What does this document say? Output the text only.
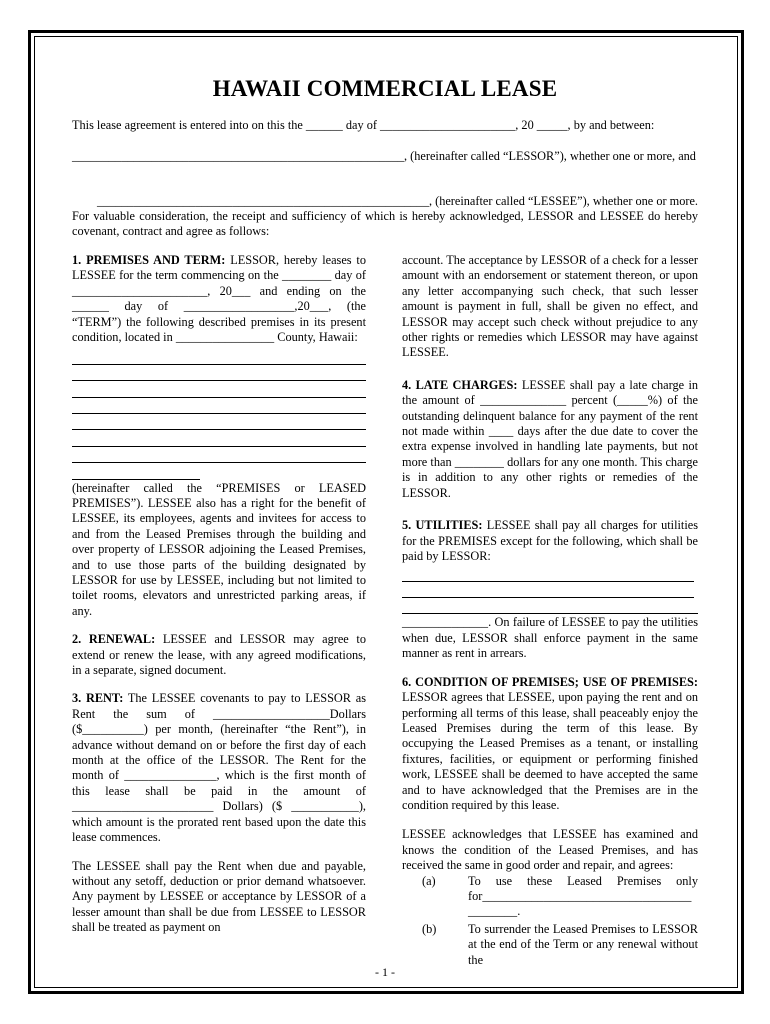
HAWAII COMMERCIAL LEASE

This lease agreement is entered into on this the ______ day of ______________________, 20 _____, by and between:

______________________________________________________, (hereinafter called “LESSOR”), whether one or more, and

______________________________________________________, (hereinafter called “LESSEE”), whether one or more.

For valuable consideration, the receipt and sufficiency of which is hereby acknowledged, LESSOR and LESSEE do hereby covenant, contract and agree as follows:

1. PREMISES AND TERM: LESSOR, hereby leases to LESSEE for the term commencing on the ________ day of ______________________, 20___ and ending on the ______ day of __________________,20___, (the “TERM”) the following described premises in its present condition, located in ________________ County, Hawaii:
(hereinafter called the “PREMISES or LEASED PREMISES”). LESSEE also has a right for the benefit of LESSEE, its employees, agents and invitees for access to and from the Leased Premises through the building and over property of LESSOR adjoining the Leased Premises, and to use those parts of the building designated by LESSOR for use by LESSEE, including but not limited to toilet rooms, elevators and unrestricted parking areas, if any.
2. RENEWAL: LESSEE and LESSOR may agree to extend or renew the lease, with any agreed modifications, in a separate, signed document.
3. RENT: The LESSEE covenants to pay to LESSOR as Rent the sum of ___________________Dollars ($__________) per month, (hereinafter “the Rent”), in advance without demand on or before the first day of each month at the office of the LESSOR. The Rent for the month of _______________, which is the first month of this lease shall be paid in the amount of _______________________ Dollars) ($ ___________), which amount is the prorated rent based upon the date this lease commences.
The LESSEE shall pay the Rent when due and payable, without any setoff, deduction or prior demand whatsoever. Any payment by LESSEE or acceptance by LESSOR of a lesser amount than shall be due from LESSEE to LESSOR shall be treated as payment on
account. The acceptance by LESSOR of a check for a lesser amount with an endorsement or statement thereon, or upon any letter accompanying such check, that such lesser amount is payment in full, shall be given no effect, and LESSOR may accept such check without prejudice to any other rights or remedies which LESSOR may have against LESSEE.
4. LATE CHARGES: LESSEE shall pay a late charge in the amount of ______________ percent (_____%) of the outstanding delinquent balance for any payment of the rent not made within ____ days after the due date to cover the extra expense involved in handling late payments, but not more than ________ dollars for any one month. This charge is in addition to any other rights or remedies of the LESSOR.
5. UTILITIES: LESSEE shall pay all charges for utilities for the PREMISES except for the following, which shall be paid by LESSOR:
______________. On failure of LESSEE to pay the utilities when due, LESSOR shall enforce payment in the same manner as rent in arrears.
6. CONDITION OF PREMISES; USE OF PREMISES: LESSOR agrees that LESSEE, upon paying the rent and on performing all terms of this lease, shall peaceably enjoy the Leased Premises during the term of this lease. By occupying the Leased Premises as a tenant, or installing fixtures, facilities, or equipment or performing finished work, LESSEE shall be deemed to have accepted the same and to have acknowledged that the Premises are in the condition required by this lease.
LESSEE acknowledges that LESSEE has examined and knows the condition of the Leased Premises, and has received the same in good order and repair, and agrees:
(a)	To use these Leased Premises only for__________________________________ ________.
(b)	To surrender the Leased Premises to LESSOR at the end of the Term or any renewal without the
- 1 -
